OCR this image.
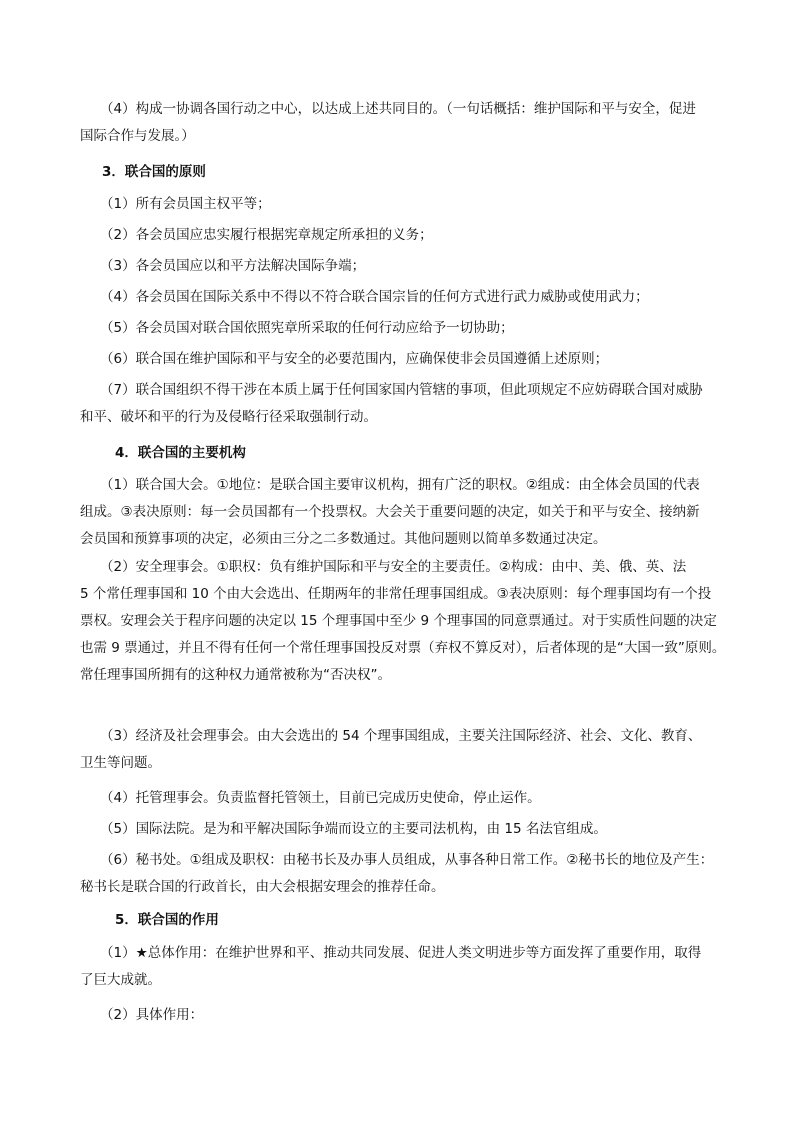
（4）构成一协调各国行动之中心，以达成上述共同目的。（一句话概括：维护国际和平与安全，促进
国际合作与发展。）

3．联合国的原则

（1）所有会员国主权平等；

（2）各会员国应忠实履行根据宪章规定所承担的义务；

（3）各会员国应以和平方法解决国际争端；

（4）各会员国在国际关系中不得以不符合联合国宗旨的任何方式进行武力威胁或使用武力；

（5）各会员国对联合国依照宪章所采取的任何行动应给予一切协助；

（6）联合国在维护国际和平与安全的必要范围内，应确保使非会员国遵循上述原则；

（7）联合国组织不得干涉在本质上属于任何国家国内管辖的事项，但此项规定不应妨碍联合国对威胁
和平、破坏和平的行为及侵略行径采取强制行动。

4．联合国的主要机构

（1）联合国大会。①地位：是联合国主要审议机构，拥有广泛的职权。②组成：由全体会员国的代表
组成。③表决原则：每一会员国都有一个投票权。大会关于重要问题的决定，如关于和平与安全、接纳新
会员国和预算事项的决定，必须由三分之二多数通过。其他问题则以简单多数通过决定。

（2）安全理事会。①职权：负有维护国际和平与安全的主要责任。②构成：由中、美、俄、英、法
5 个常任理事国和 10 个由大会选出、任期两年的非常任理事国组成。③表决原则：每个理事国均有一个投
票权。安理会关于程序问题的决定以 15 个理事国中至少 9 个理事国的同意票通过。对于实质性问题的决定
也需 9 票通过，并且不得有任何一个常任理事国投反对票（弃权不算反对），后者体现的是“大国一致”原则。
常任理事国所拥有的这种权力通常被称为“否决权”。

（3）经济及社会理事会。由大会选出的 54 个理事国组成，主要关注国际经济、社会、文化、教育、
卫生等问题。

（4）托管理事会。负责监督托管领土，目前已完成历史使命，停止运作。

（5）国际法院。是为和平解决国际争端而设立的主要司法机构，由 15 名法官组成。

（6）秘书处。①组成及职权：由秘书长及办事人员组成，从事各种日常工作。②秘书长的地位及产生：
秘书长是联合国的行政首长，由大会根据安理会的推荐任命。

5．联合国的作用

（1）★总体作用：在维护世界和平、推动共同发展、促进人类文明进步等方面发挥了重要作用，取得
了巨大成就。

（2）具体作用：
